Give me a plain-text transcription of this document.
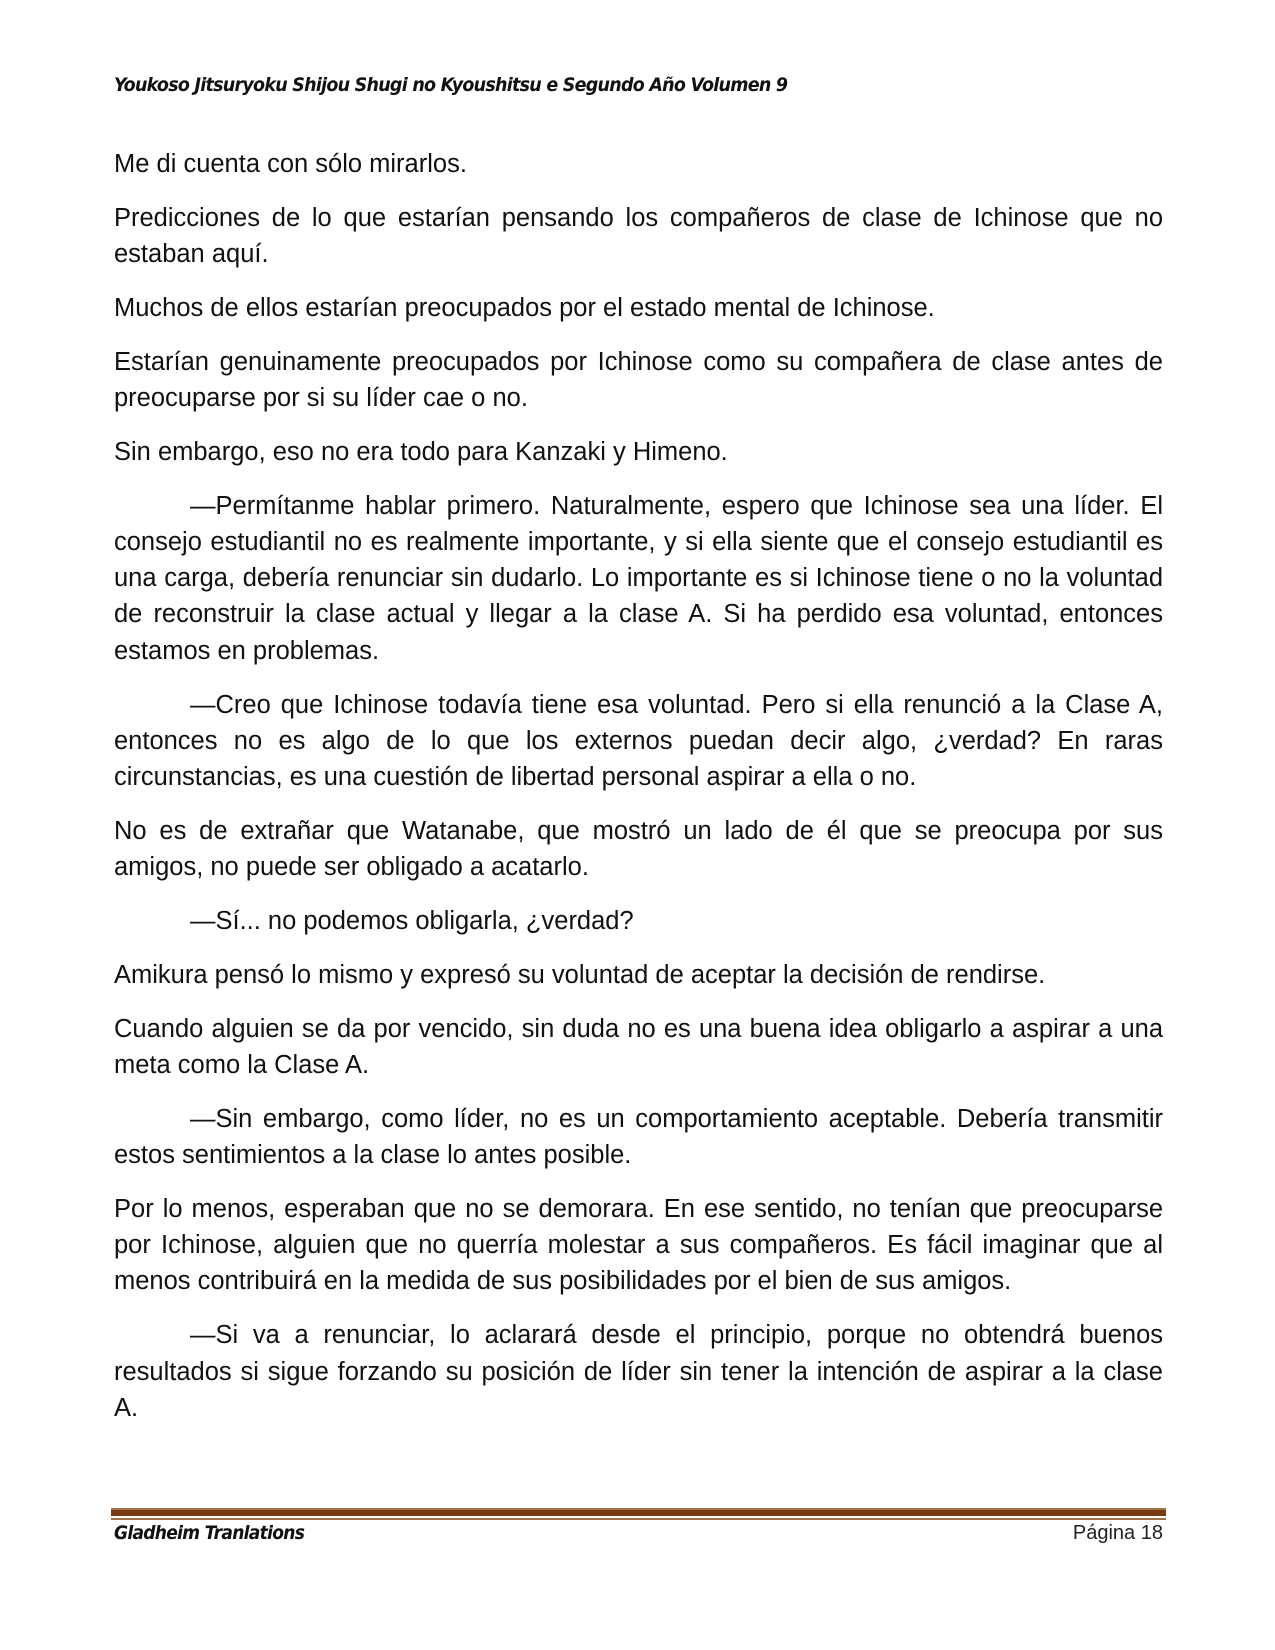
Youkoso Jitsuryoku Shijou Shugi no Kyoushitsu e Segundo Año Volumen 9

Me di cuenta con sólo mirarlos.

Predicciones de lo que estarían pensando los compañeros de clase de Ichinose que no estaban aquí.

Muchos de ellos estarían preocupados por el estado mental de Ichinose.

Estarían genuinamente preocupados por Ichinose como su compañera de clase antes de preocuparse por si su líder cae o no.

Sin embargo, eso no era todo para Kanzaki y Himeno.

—Permítanme hablar primero. Naturalmente, espero que Ichinose sea una líder. El consejo estudiantil no es realmente importante, y si ella siente que el consejo estudiantil es una carga, debería renunciar sin dudarlo. Lo importante es si Ichinose tiene o no la voluntad de reconstruir la clase actual y llegar a la clase A. Si ha perdido esa voluntad, entonces estamos en problemas.

—Creo que Ichinose todavía tiene esa voluntad. Pero si ella renunció a la Clase A, entonces no es algo de lo que los externos puedan decir algo, ¿verdad? En raras circunstancias, es una cuestión de libertad personal aspirar a ella o no.

No es de extrañar que Watanabe, que mostró un lado de él que se preocupa por sus amigos, no puede ser obligado a acatarlo.

—Sí... no podemos obligarla, ¿verdad?

Amikura pensó lo mismo y expresó su voluntad de aceptar la decisión de rendirse.

Cuando alguien se da por vencido, sin duda no es una buena idea obligarlo a aspirar a una meta como la Clase A.

—Sin embargo, como líder, no es un comportamiento aceptable. Debería transmitir estos sentimientos a la clase lo antes posible.

Por lo menos, esperaban que no se demorara. En ese sentido, no tenían que preocuparse por Ichinose, alguien que no querría molestar a sus compañeros. Es fácil imaginar que al menos contribuirá en la medida de sus posibilidades por el bien de sus amigos.

—Si va a renunciar, lo aclarará desde el principio, porque no obtendrá buenos resultados si sigue forzando su posición de líder sin tener la intención de aspirar a la clase A.

Gladheim Tranlations	Página 18
